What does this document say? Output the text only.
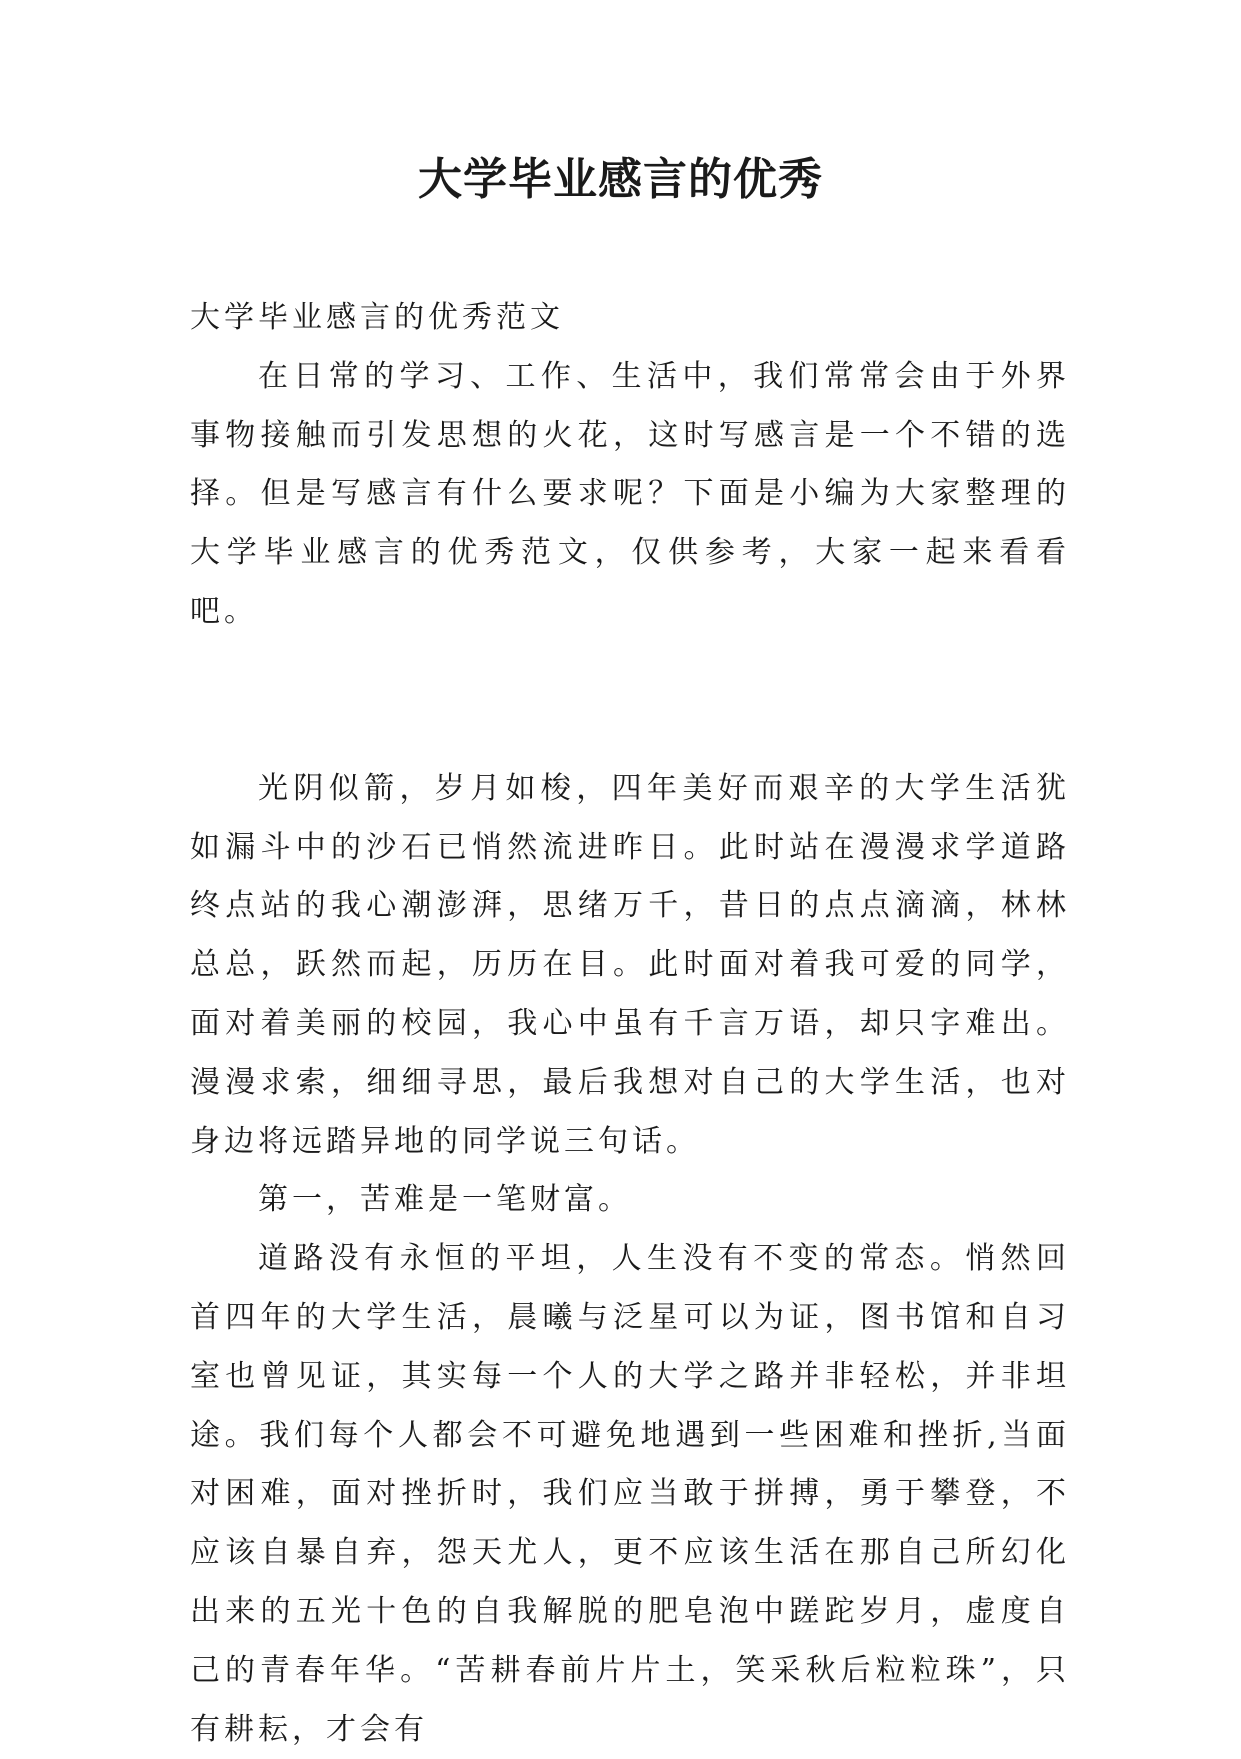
大学毕业感言的优秀

大学毕业感言的优秀范文

在日常的学习、工作、生活中，我们常常会由于外界事物接触而引发思想的火花，这时写感言是一个不错的选择。但是写感言有什么要求呢？下面是小编为大家整理的大学毕业感言的优秀范文，仅供参考，大家一起来看看吧。

光阴似箭，岁月如梭，四年美好而艰辛的大学生活犹如漏斗中的沙石已悄然流进昨日。此时站在漫漫求学道路终点站的我心潮澎湃，思绪万千，昔日的点点滴滴，林林总总，跃然而起，历历在目。此时面对着我可爱的同学，面对着美丽的校园，我心中虽有千言万语，却只字难出。漫漫求索，细细寻思，最后我想对自己的大学生活，也对身边将远踏异地的同学说三句话。

第一，苦难是一笔财富。

道路没有永恒的平坦，人生没有不变的常态。悄然回首四年的大学生活，晨曦与泛星可以为证，图书馆和自习室也曾见证，其实每一个人的大学之路并非轻松，并非坦途。我们每个人都会不可避免地遇到一些困难和挫折,当面对困难，面对挫折时，我们应当敢于拼搏，勇于攀登，不应该自暴自弃，怨天尤人，更不应该生活在那自己所幻化出来的五光十色的自我解脱的肥皂泡中蹉跎岁月，虚度自己的青春年华。“苦耕春前片片土，笑采秋后粒粒珠”，只有耕耘，才会有
